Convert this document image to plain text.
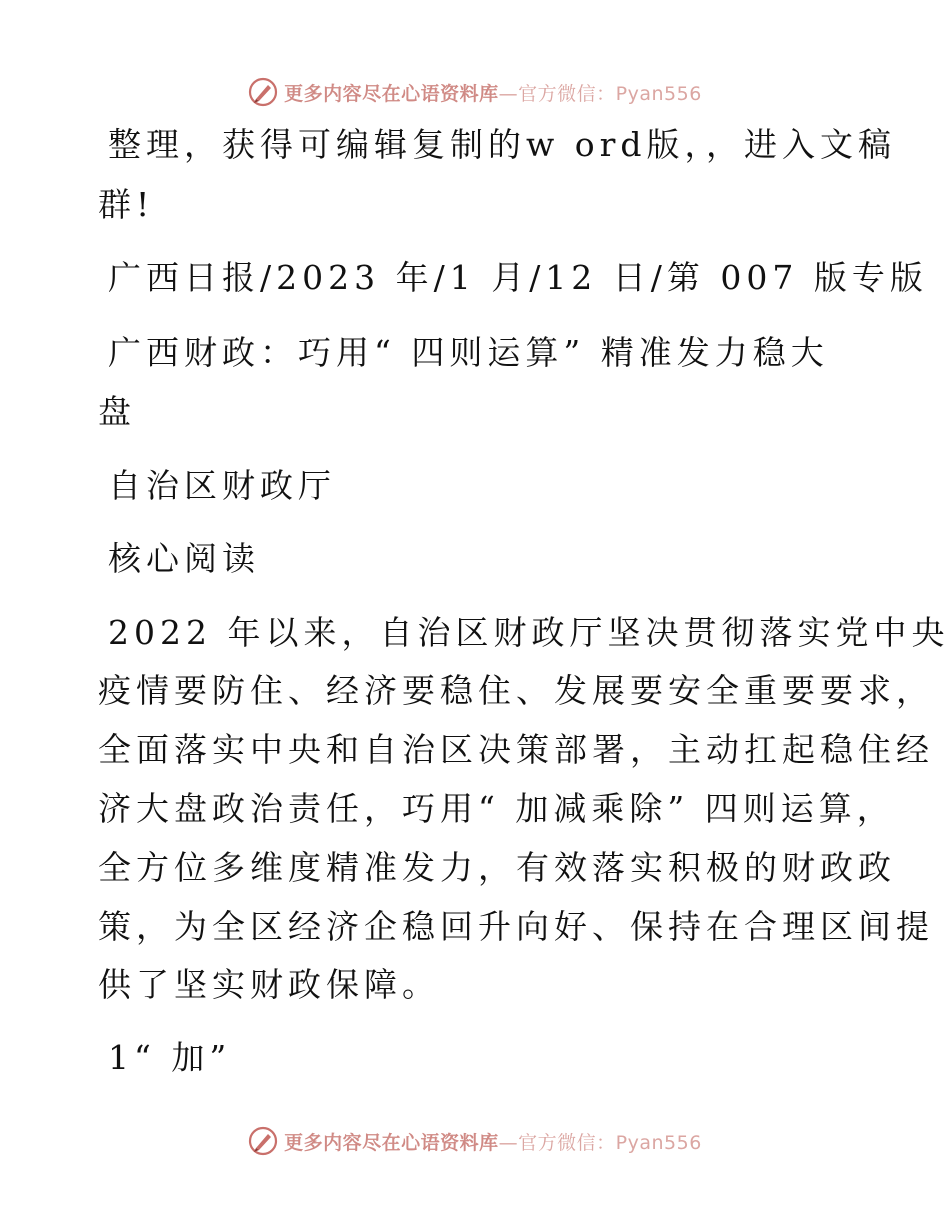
更多内容尽在心语资料库—官方微信：Pyan556
整理，获得可编辑复制的w ord版，，进入文稿
群!
广西日报/2023 年/1 月/12 日/第 007 版专版
广西财政：巧用“ 四则运算” 精准发力稳大
盘
自治区财政厅
核心阅读
2022 年以来，自治区财政厅坚决贯彻落实党中央
疫情要防住、经济要稳住、发展要安全重要要求，
全面落实中央和自治区决策部署，主动扛起稳住经
济大盘政治责任，巧用“ 加减乘除” 四则运算，
全方位多维度精准发力，有效落实积极的财政政
策，为全区经济企稳回升向好、保持在合理区间提
供了坚实财政保障。
1“ 加”
更多内容尽在心语资料库—官方微信：Pyan556
